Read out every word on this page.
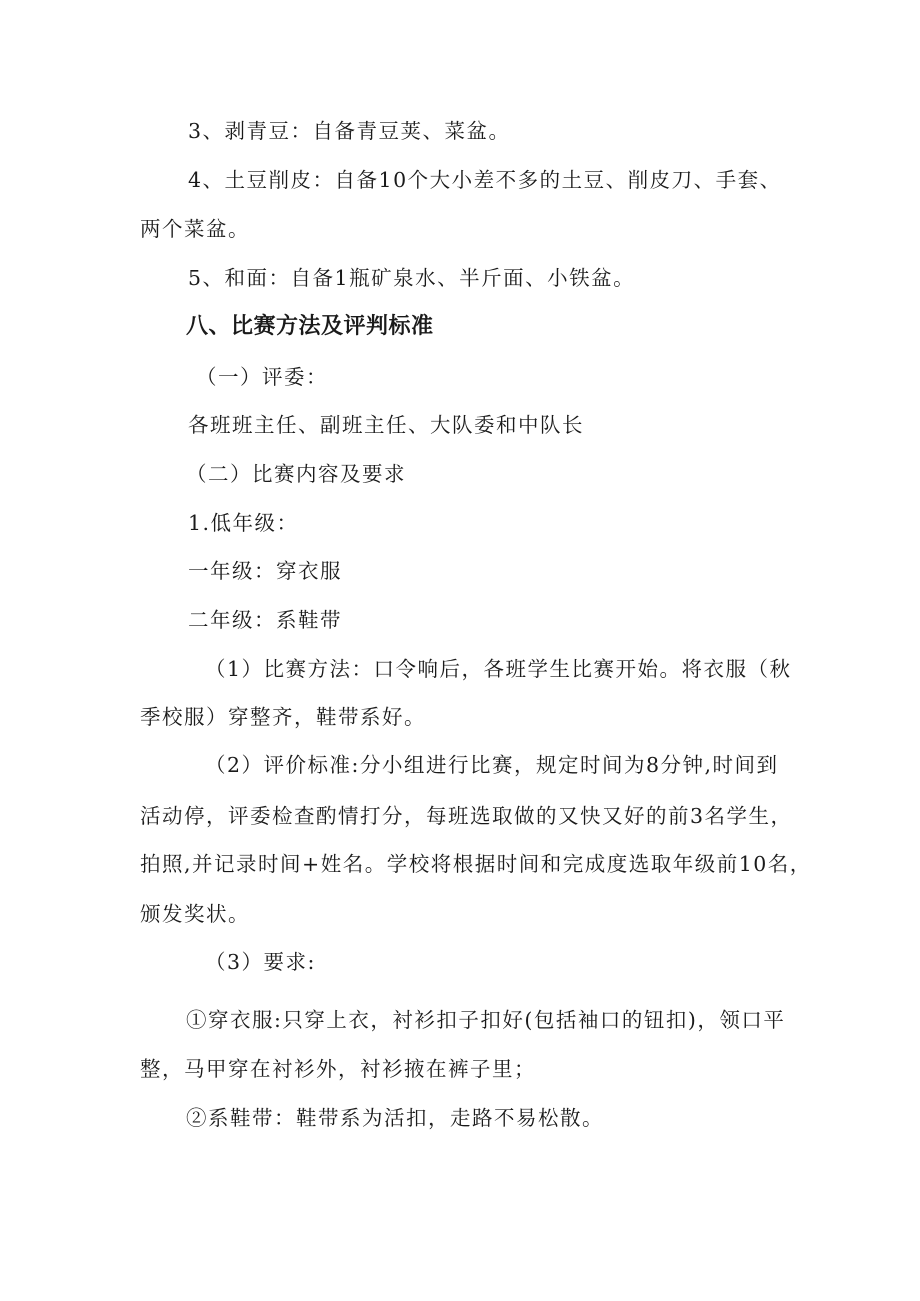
3、剥青豆：自备青豆荚、菜盆。
4、土豆削皮：自备10个大小差不多的土豆、削皮刀、手套、
两个菜盆。
5、和面：自备1瓶矿泉水、半斤面、小铁盆。
八、比赛方法及评判标准
（一）评委：
各班班主任、副班主任、大队委和中队长
（二）比赛内容及要求
1.低年级：
一年级：穿衣服
二年级：系鞋带
（1）比赛方法：口令响后，各班学生比赛开始。将衣服（秋
季校服）穿整齐，鞋带系好。
（2）评价标准:分小组进行比赛，规定时间为8分钟,时间到
活动停，评委检查酌情打分，每班选取做的又快又好的前3名学生，
拍照,并记录时间+姓名。学校将根据时间和完成度选取年级前10名，
颁发奖状。
（3）要求:
①穿衣服:只穿上衣，衬衫扣子扣好(包括袖口的钮扣)，领口平
整，马甲穿在衬衫外，衬衫掖在裤子里；
②系鞋带：鞋带系为活扣，走路不易松散。
